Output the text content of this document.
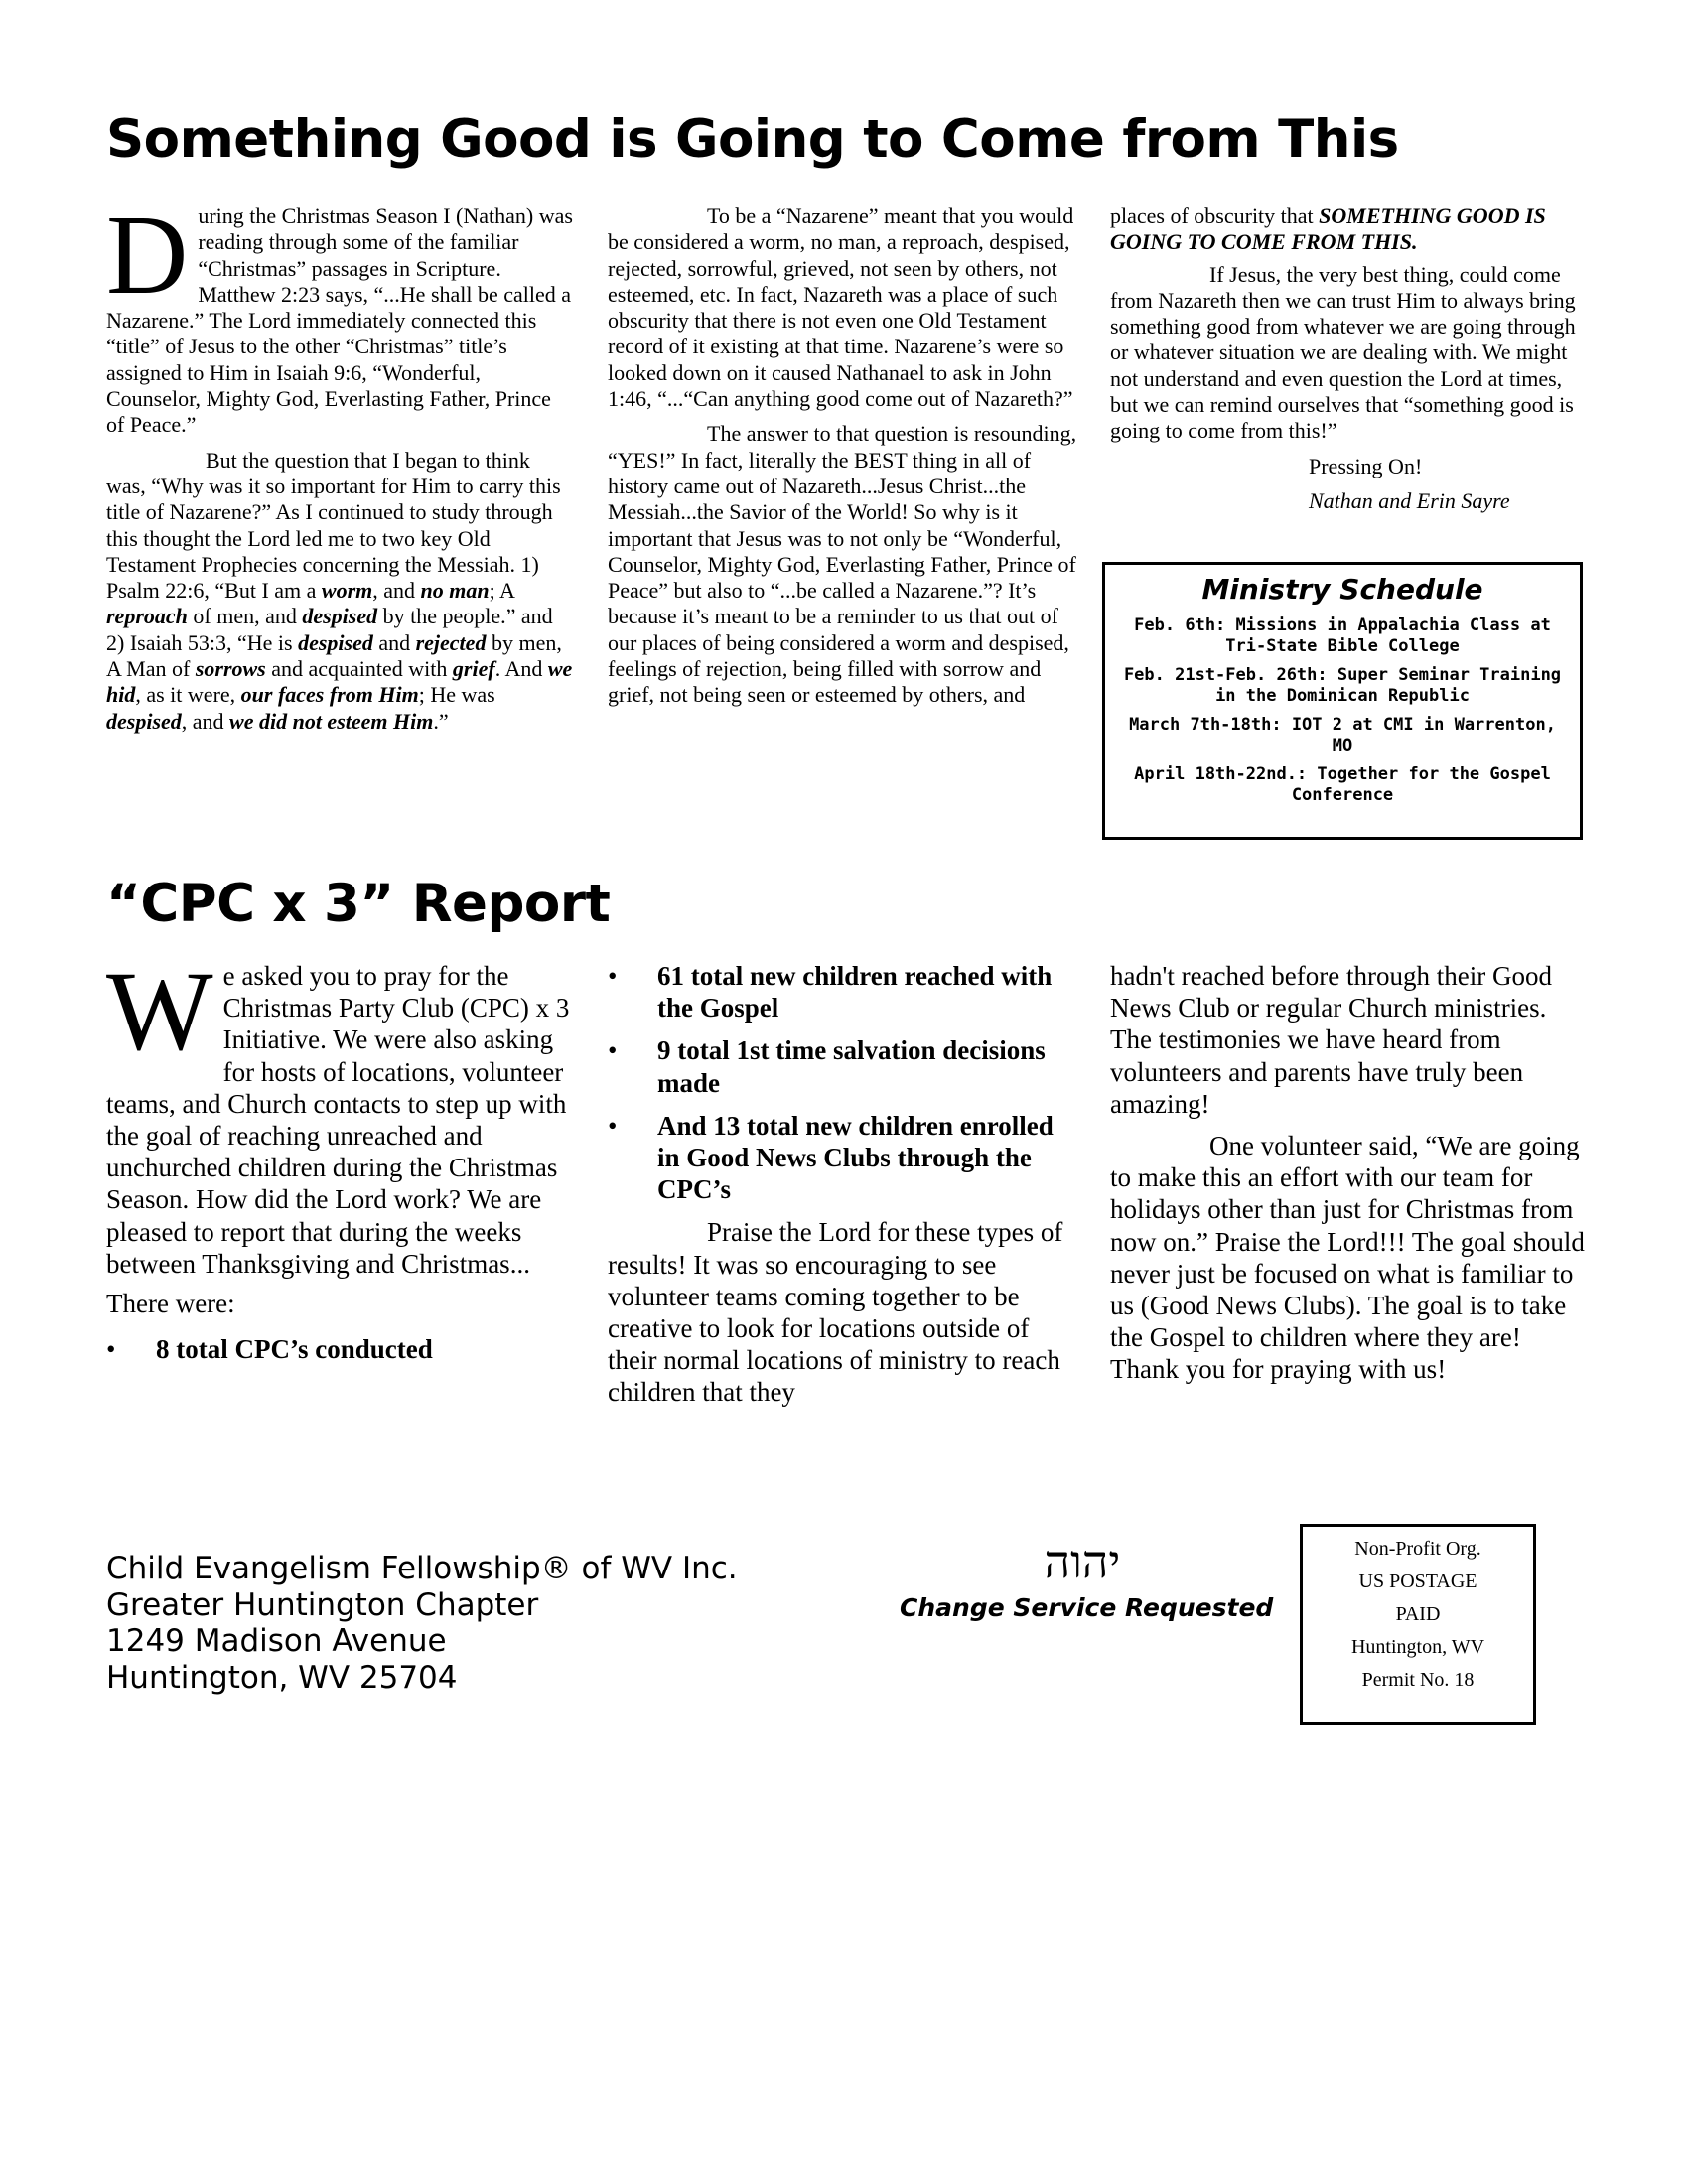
Something Good is Going to Come from This

During the Christmas Season I (Nathan) was reading through some of the familiar “Christmas” passages in Scripture. Matthew 2:23 says, “...He shall be called a Nazarene.” The Lord immediately connected this “title” of Jesus to the other “Christmas” title’s assigned to Him in Isaiah 9:6, “Wonderful, Counselor, Mighty God, Everlasting Father, Prince of Peace.”

But the question that I began to think was, “Why was it so important for Him to carry this title of Nazarene?” As I continued to study through this thought the Lord led me to two key Old Testament Prophecies concerning the Messiah. 1) Psalm 22:6, “But I am a worm, and no man; A reproach of men, and despised by the people.” and 2) Isaiah 53:3, “He is despised and rejected by men, A Man of sorrows and acquainted with grief. And we hid, as it were, our faces from Him; He was despised, and we did not esteem Him.”

To be a “Nazarene” meant that you would be considered a worm, no man, a reproach, despised, rejected, sorrowful, grieved, not seen by others, not esteemed, etc. In fact, Nazareth was a place of such obscurity that there is not even one Old Testament record of it existing at that time. Nazarene’s were so looked down on it caused Nathanael to ask in John 1:46, “...“Can anything good come out of Nazareth?”

The answer to that question is resounding, “YES!” In fact, literally the BEST thing in all of history came out of Nazareth...Jesus Christ...the Messiah...the Savior of the World! So why is it important that Jesus was to not only be “Wonderful, Counselor, Mighty God, Everlasting Father, Prince of Peace” but also to “...be called a Nazarene.”? It’s because it’s meant to be a reminder to us that out of our places of being considered a worm and despised, feelings of rejection, being filled with sorrow and grief, not being seen or esteemed by others, and

places of obscurity that SOMETHING GOOD IS GOING TO COME FROM THIS.

If Jesus, the very best thing, could come from Nazareth then we can trust Him to always bring something good from whatever we are going through or whatever situation we are dealing with. We might not understand and even question the Lord at times, but we can remind ourselves that “something good is going to come from this!”

Pressing On!

Nathan and Erin Sayre

Ministry Schedule
Feb. 6th: Missions in Appalachia Class at Tri-State Bible College
Feb. 21st-Feb. 26th: Super Seminar Training in the Dominican Republic
March 7th-18th: IOT 2 at CMI in Warrenton, MO
April 18th-22nd.: Together for the Gospel Conference
“CPC x 3” Report

We asked you to pray for the Christmas Party Club (CPC) x 3 Initiative. We were also asking for hosts of locations, volunteer teams, and Church contacts to step up with the goal of reaching unreached and unchurched children during the Christmas Season. How did the Lord work? We are pleased to report that during the weeks between Thanksgiving and Christmas...

There were:

• 8 total CPC’s conducted
• 61 total new children reached with the Gospel
• 9 total 1st time salvation decisions made
• And 13 total new children enrolled in Good News Clubs through the CPC’s

Praise the Lord for these types of results! It was so encouraging to see volunteer teams coming together to be creative to look for locations outside of their normal locations of ministry to reach children that they

hadn't reached before through their Good News Club or regular Church ministries. The testimonies we have heard from volunteers and parents have truly been amazing!

One volunteer said, “We are going to make this an effort with our team for holidays other than just for Christmas from now on.” Praise the Lord!!! The goal should never just be focused on what is familiar to us (Good News Clubs). The goal is to take the Gospel to children where they are! Thank you for praying with us!

Child Evangelism Fellowship® of WV Inc.
Greater Huntington Chapter
1249 Madison Avenue
Huntington, WV 25704
יהוה
Change Service Requested
Non-Profit Org.
US POSTAGE
PAID
Huntington, WV
Permit No. 18
